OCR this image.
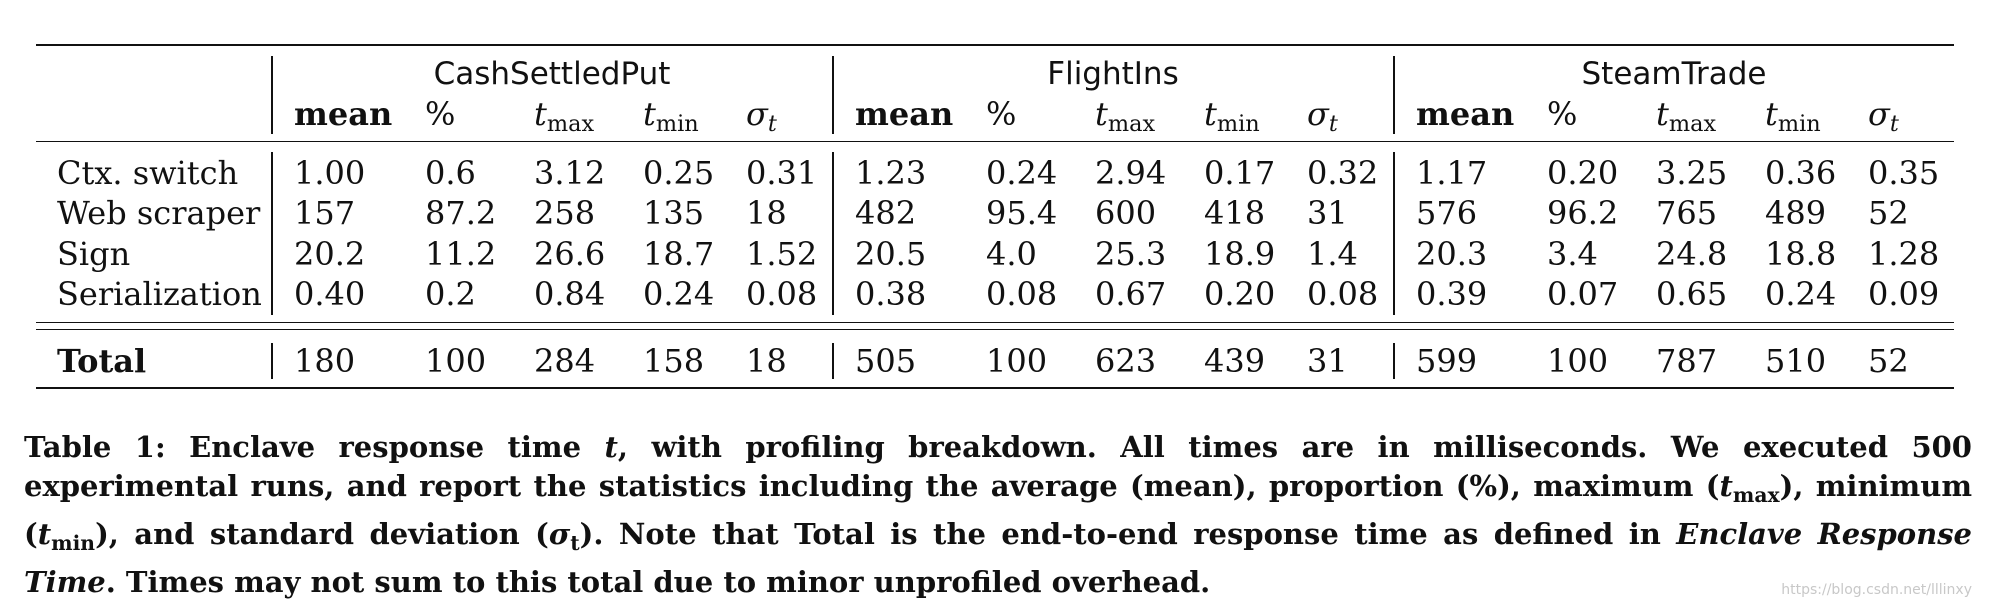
CashSettledPut	FlightIns	SteamTrade
mean % $t_{max}$ $t_{min}$ $\sigma_t$ mean % $t_{max}$ $t_{min}$ $\sigma_t$ mean % $t_{max}$ $t_{min}$ $\sigma_t$
Ctx. switch 1.00 0.6 3.12 0.25 0.31 1.23 0.24 2.94 0.17 0.32 1.17 0.20 3.25 0.36 0.35
Web scraper 157 87.2 258 135 18 482 95.4 600 418 31 576 96.2 765 489 52
Sign	20.2 11.2 26.6 18.7 1.52 20.5 4.0 25.3 18.9 1.4 20.3 3.4 24.8 18.8 1.28
Serialization 0.40 0.2 0.84 0.24 0.08 0.38 0.08 0.67 0.20 0.08 0.39 0.07 0.65 0.24 0.09
Total	180 100 284 158 18 505 100 623 439 31 599 100 787 510 52
Table 1: Enclave response time t, with profiling breakdown. All times are in milliseconds. We executed 500 experimental runs, and report the statistics including the average (mean), proportion (%), maximum $(t_{max})$, minimum $(t_{min})$, and standard deviation $(\sigma_t)$. Note that Total is the end-to-end response time as defined in Enclave Response Time. Times may not sum to this total due to minor unprofiled overhead.	https://blog.csdn.net/lllinxy
